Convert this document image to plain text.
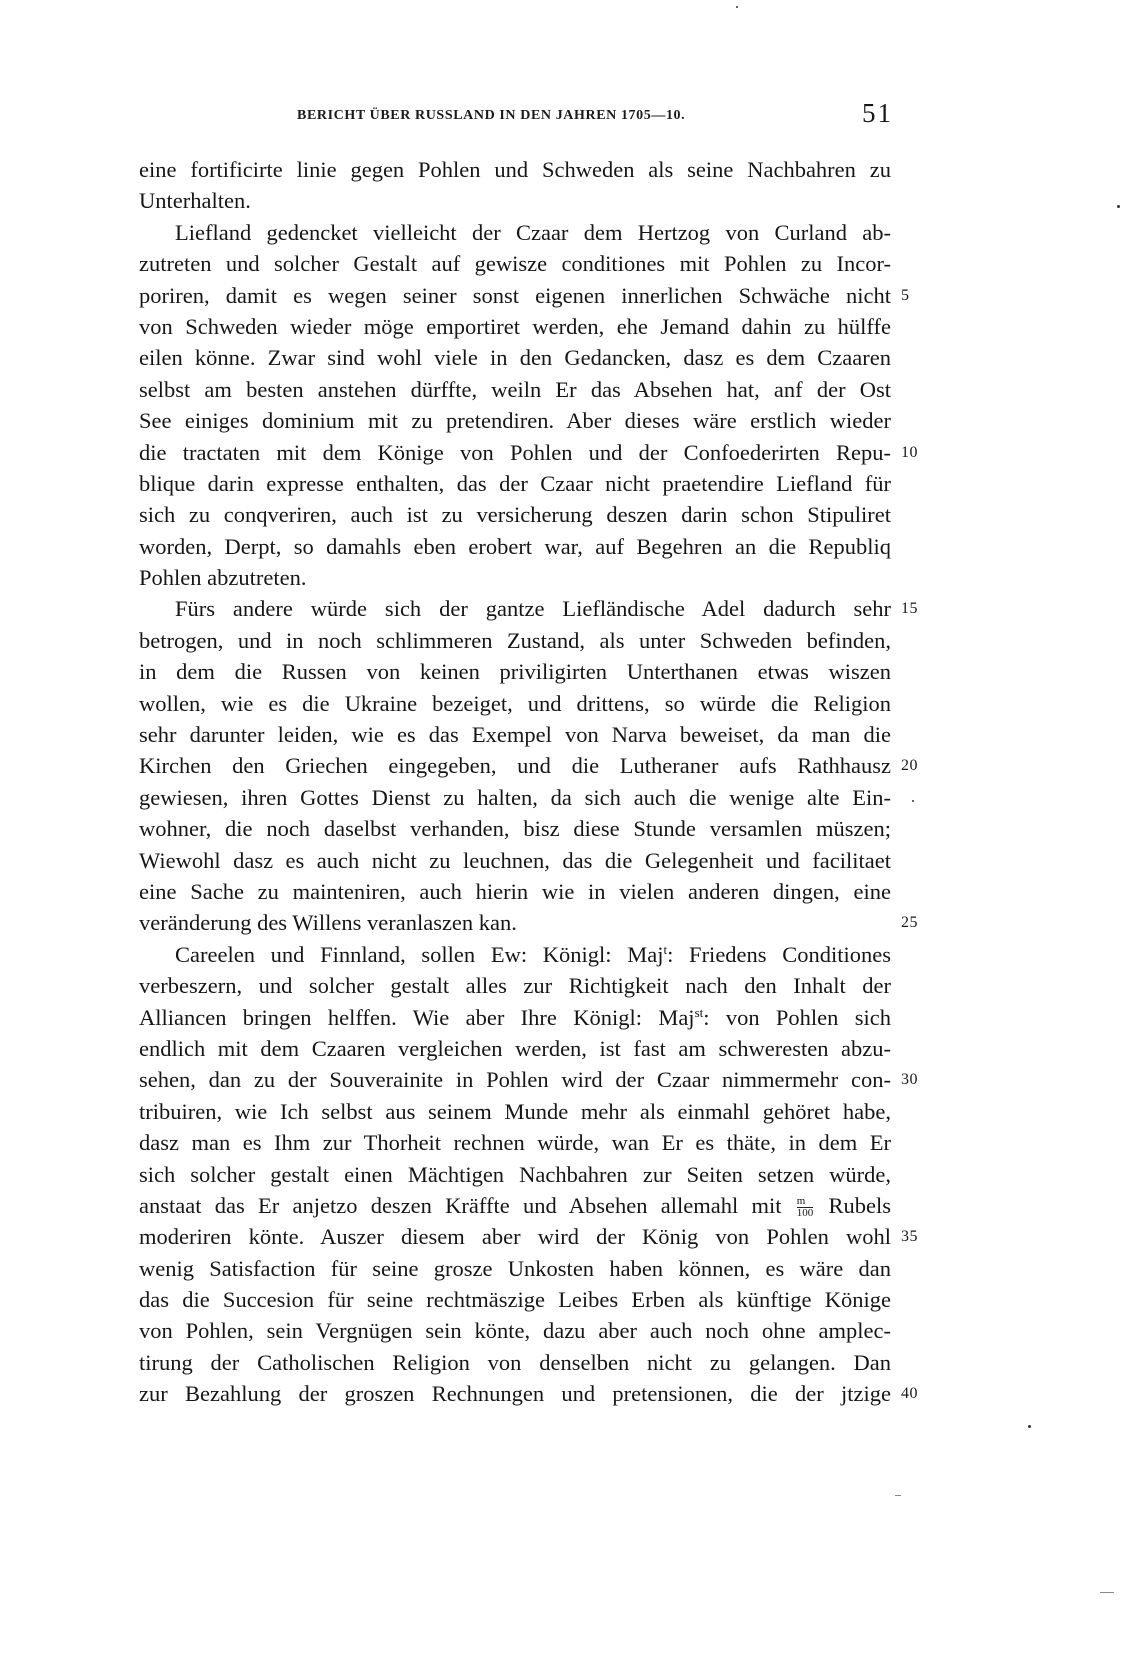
BERICHT ÜBER RUSSLAND IN DEN JAHREN 1705—10.	51
eine fortificirte linie gegen Pohlen und Schweden als seine Nachbahren zu
Unterhalten.
Liefland gedencket vielleicht der Czaar dem Hertzog von Curland ab-
zutreten und solcher Gestalt auf gewisze conditiones mit Pohlen zu Incor-
poriren, damit es wegen seiner sonst eigenen innerlichen Schwäche nicht 5
von Schweden wieder möge emportiret werden, ehe Jemand dahin zu hülffe
eilen könne. Zwar sind wohl viele in den Gedancken, dasz es dem Czaaren
selbst am besten anstehen dürffte, weiln Er das Absehen hat, anf der Ost
See einiges dominium mit zu pretendiren. Aber dieses wäre erstlich wieder
die tractaten mit dem Könige von Pohlen und der Confoederirten Repu- 10
blique darin expresse enthalten, das der Czaar nicht praetendire Liefland für
sich zu conqveriren, auch ist zu versicherung deszen darin schon Stipuliret
worden, Derpt, so damahls eben erobert war, auf Begehren an die Republiq
Pohlen abzutreten.
Fürs andere würde sich der gantze Liefländische Adel dadurch sehr 15
betrogen, und in noch schlimmeren Zustand, als unter Schweden befinden,
in dem die Russen von keinen priviligirten Unterthanen etwas wiszen
wollen, wie es die Ukraine bezeiget, und drittens, so würde die Religion
sehr darunter leiden, wie es das Exempel von Narva beweiset, da man die
Kirchen den Griechen eingegeben, und die Lutheraner aufs Rathhausz 20
gewiesen, ihren Gottes Dienst zu halten, da sich auch die wenige alte Ein-
wohner, die noch daselbst verhanden, bisz diese Stunde versamlen müszen;
Wiewohl dasz es auch nicht zu leuchnen, das die Gelegenheit und facilitaet
eine Sache zu mainteniren, auch hierin wie in vielen anderen dingen, eine
veränderung des Willens veranlaszen kan.	25
Careelen und Finnland, sollen Ew: Königl: Maj$^t$: Friedens Conditiones
verbeszern, und solcher gestalt alles zur Richtigkeit nach den Inhalt der
Alliancen bringen helffen. Wie aber Ihre Königl: Maj$^{st}$: von Pohlen sich
endlich mit dem Czaaren vergleichen werden, ist fast am schweresten abzu-
sehen, dan zu der Souverainite in Pohlen wird der Czaar nimmermehr con- 30
tribuiren, wie Ich selbst aus seinem Munde mehr als einmahl gehöret habe,
dasz man es Ihm zur Thorheit rechnen würde, wan Er es thäte, in dem Er
sich solcher gestalt einen Mächtigen Nachbahren zur Seiten setzen würde,
anstaat das Er anjetzo deszen Kräffte und Absehen allemahl mit $\frac{m}{100}$ Rubels
moderiren könte. Auszer diesem aber wird der König von Pohlen wohl 35
wenig Satisfaction für seine grosze Unkosten haben können, es wäre dan
das die Succesion für seine rechtmäszige Leibes Erben als künftige Könige
von Pohlen, sein Vergnügen sein könte, dazu aber auch noch ohne amplec-
tirung der Catholischen Religion von denselben nicht zu gelangen. Dan
zur Bezahlung der groszen Rechnungen und pretensionen, die der jtzige 40
